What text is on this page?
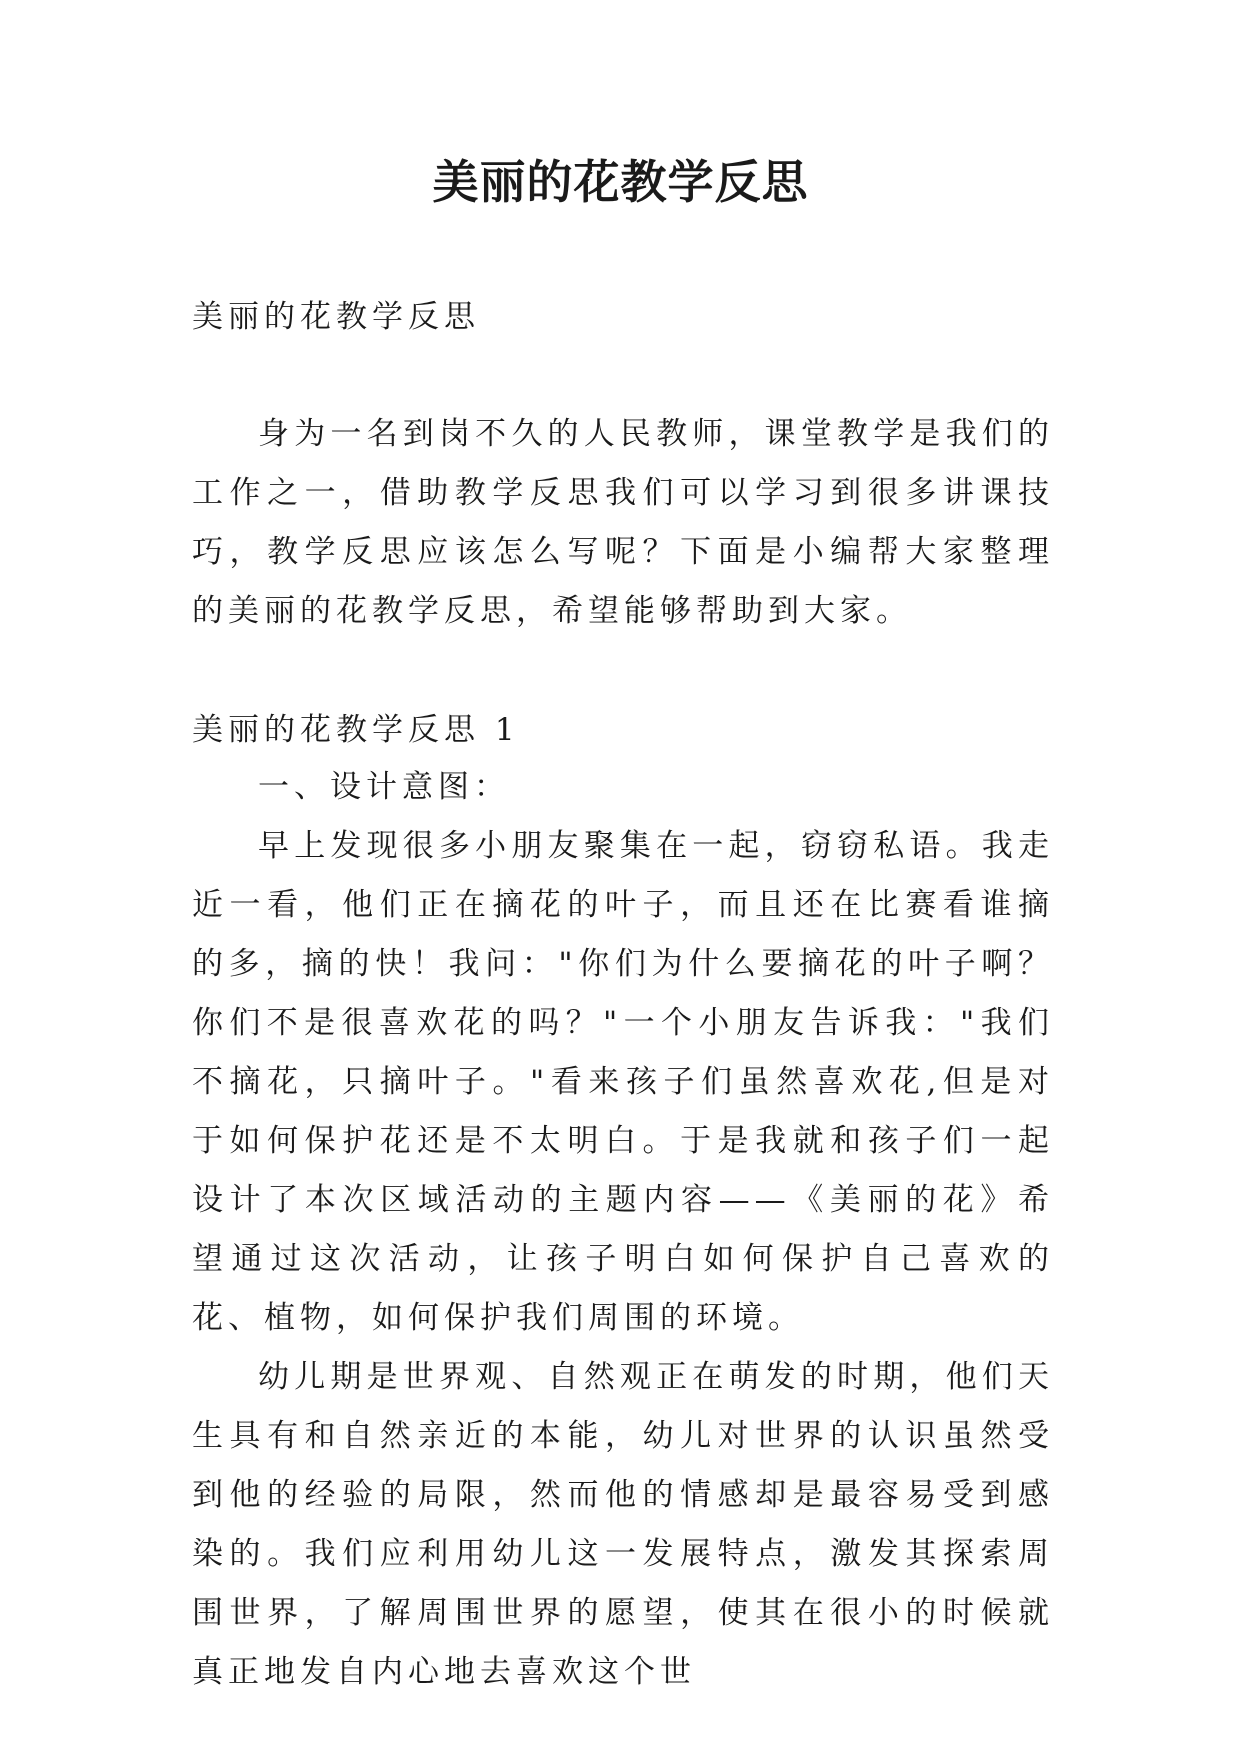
美丽的花教学反思
美丽的花教学反思

身为一名到岗不久的人民教师，课堂教学是我们的工作之一，借助教学反思我们可以学习到很多讲课技巧，教学反思应该怎么写呢？下面是小编帮大家整理的美丽的花教学反思，希望能够帮助到大家。

美丽的花教学反思 1

一、设计意图：

早上发现很多小朋友聚集在一起，窃窃私语。我走近一看，他们正在摘花的叶子，而且还在比赛看谁摘的多，摘的快！我问："你们为什么要摘花的叶子啊？你们不是很喜欢花的吗？"一个小朋友告诉我："我们不摘花，只摘叶子。"看来孩子们虽然喜欢花,但是对于如何保护花还是不太明白。于是我就和孩子们一起设计了本次区域活动的主题内容——《美丽的花》希望通过这次活动，让孩子明白如何保护自己喜欢的花、植物，如何保护我们周围的环境。

幼儿期是世界观、自然观正在萌发的时期，他们天生具有和自然亲近的本能，幼儿对世界的认识虽然受到他的经验的局限，然而他的情感却是最容易受到感染的。我们应利用幼儿这一发展特点，激发其探索周围世界，了解周围世界的愿望，使其在很小的时候就真正地发自内心地去喜欢这个世
